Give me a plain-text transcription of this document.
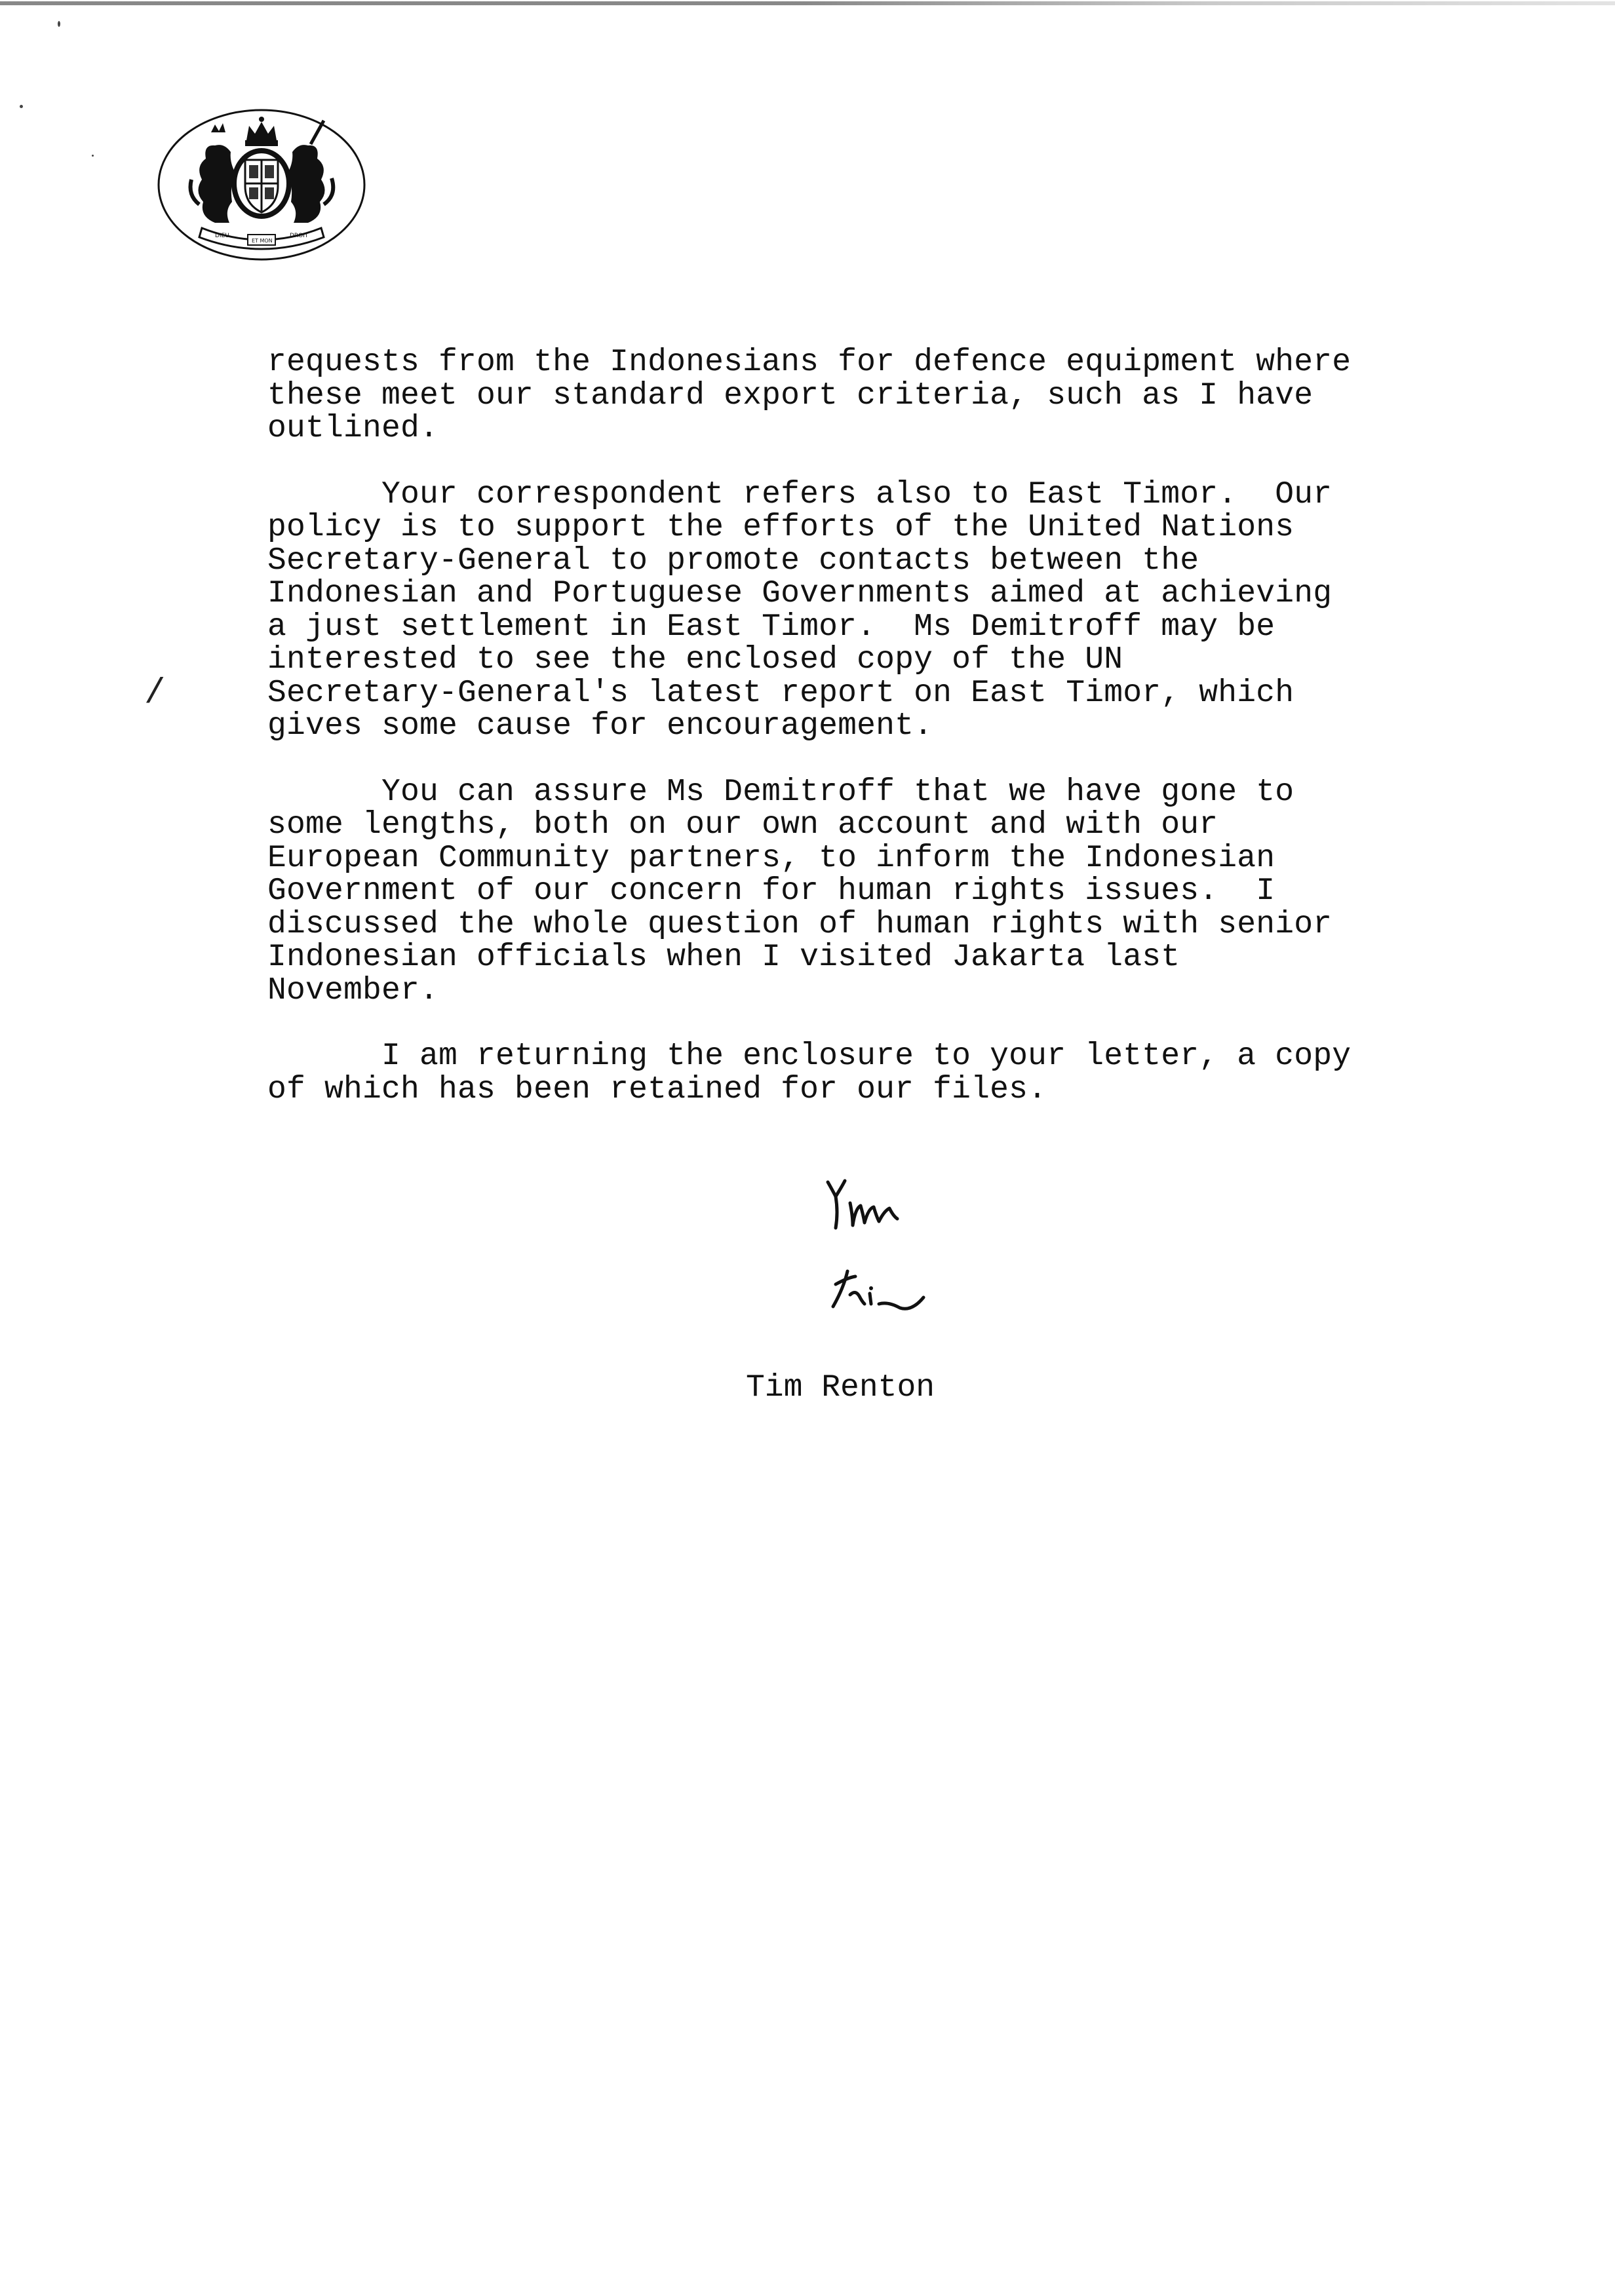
DIEU
ET MON
DROIT

requests from the Indonesians for defence equipment where
these meet our standard export criteria, such as I have
outlined.

Your correspondent refers also to East Timor.  Our
policy is to support the efforts of the United Nations
Secretary-General to promote contacts between the
Indonesian and Portuguese Governments aimed at achieving
a just settlement in East Timor.  Ms Demitroff may be
interested to see the enclosed copy of the UN
Secretary-General's latest report on East Timor, which
gives some cause for encouragement.

You can assure Ms Demitroff that we have gone to
some lengths, both on our own account and with our
European Community partners, to inform the Indonesian
Government of our concern for human rights issues.  I
discussed the whole question of human rights with senior
Indonesian officials when I visited Jakarta last
November.

I am returning the enclosure to your letter, a copy
of which has been retained for our files.

/
Tim Renton
